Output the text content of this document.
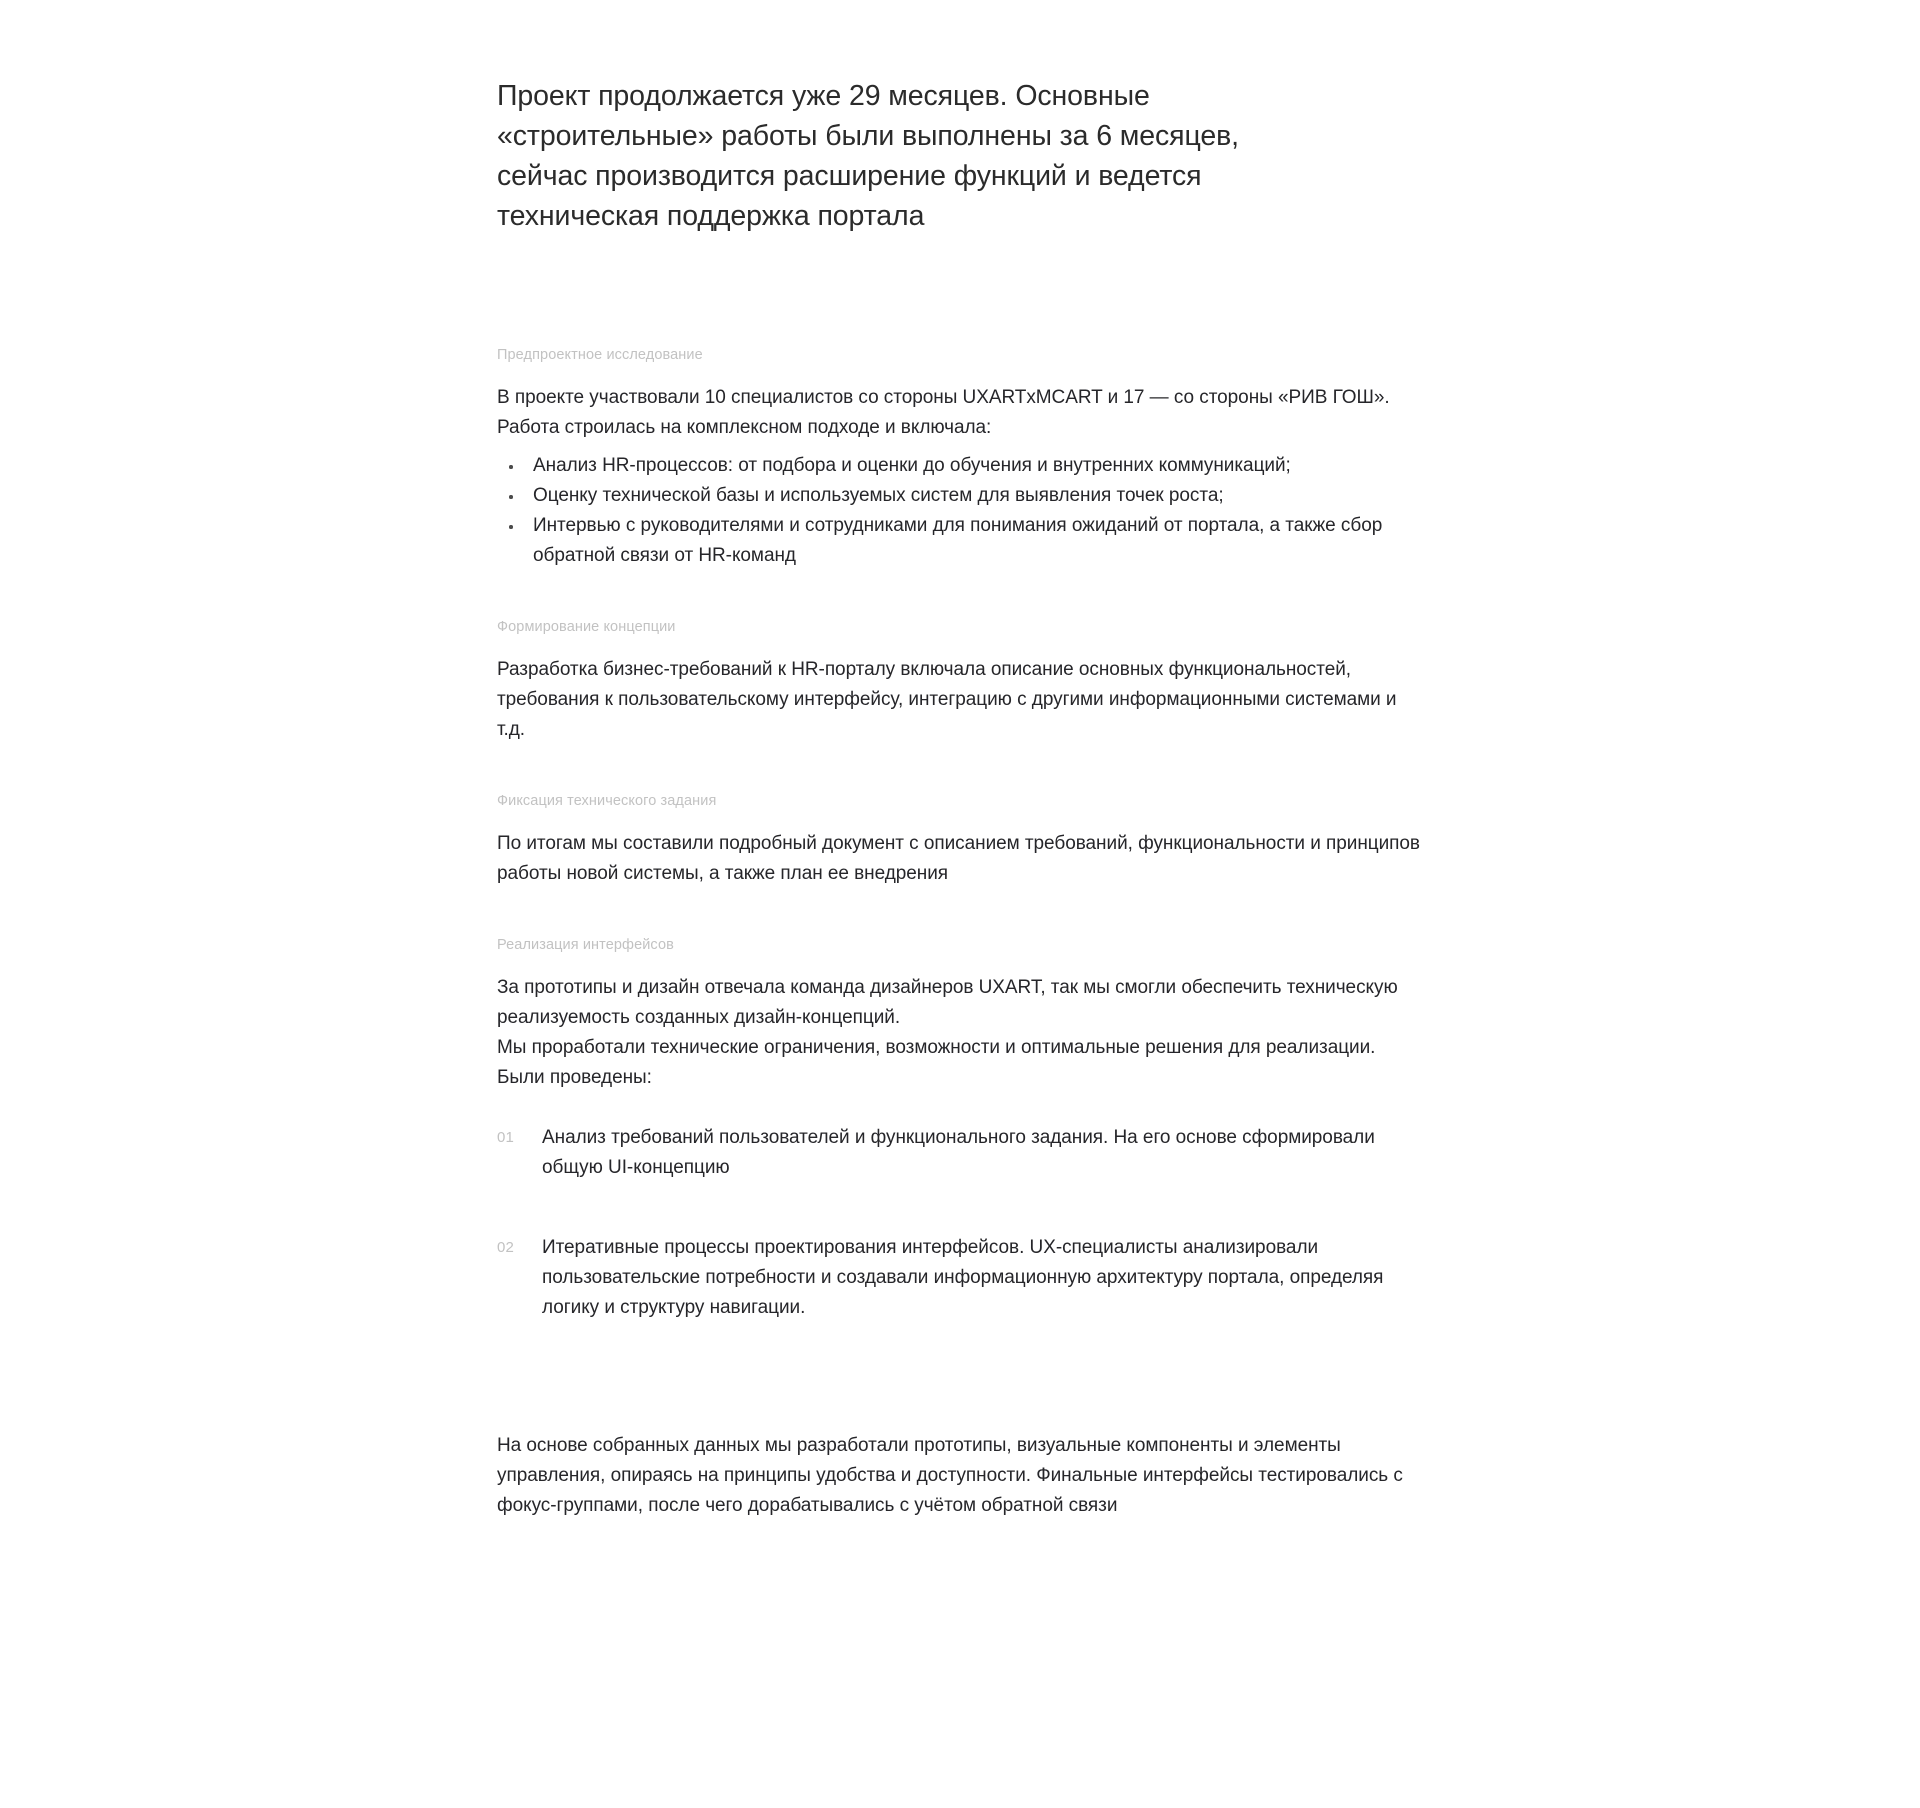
Проект продолжается уже 29 месяцев. Основные «строительные» работы были выполнены за 6 месяцев, сейчас производится расширение функций и ведется техническая поддержка портала
Предпроектное исследование

В проекте участвовали 10 специалистов со стороны UXARTxMCART и 17 — со стороны «РИВ ГОШ». Работа строилась на комплексном подходе и включала:

Анализ HR-процессов: от подбора и оценки до обучения и внутренних коммуникаций;
Оценку технической базы и используемых систем для выявления точек роста;
Интервью с руководителями и сотрудниками для понимания ожиданий от портала, а также сбор обратной связи от HR-команд
Формирование концепции

Разработка бизнес-требований к HR-порталу включала описание основных функциональностей, требования к пользовательскому интерфейсу, интеграцию с другими информационными системами и т.д.

Фиксация технического задания

По итогам мы составили подробный документ с описанием требований, функциональности и принципов работы новой системы, а также план ее внедрения

Реализация интерфейсов

За прототипы и дизайн отвечала команда дизайнеров UXART, так мы смогли обеспечить техническую реализуемость созданных дизайн-концепций.

Мы проработали технические ограничения, возможности и оптимальные решения для реализации. Были проведены:

01 Анализ требований пользователей и функционального задания. На его основе сформировали общую UI-концепцию
02 Итеративные процессы проектирования интерфейсов. UX-специалисты анализировали пользовательские потребности и создавали информационную архитектуру портала, определяя логику и структуру навигации.

На основе собранных данных мы разработали прототипы, визуальные компоненты и элементы управления, опираясь на принципы удобства и доступности. Финальные интерфейсы тестировались с фокус-группами, после чего дорабатывались с учётом обратной связи
